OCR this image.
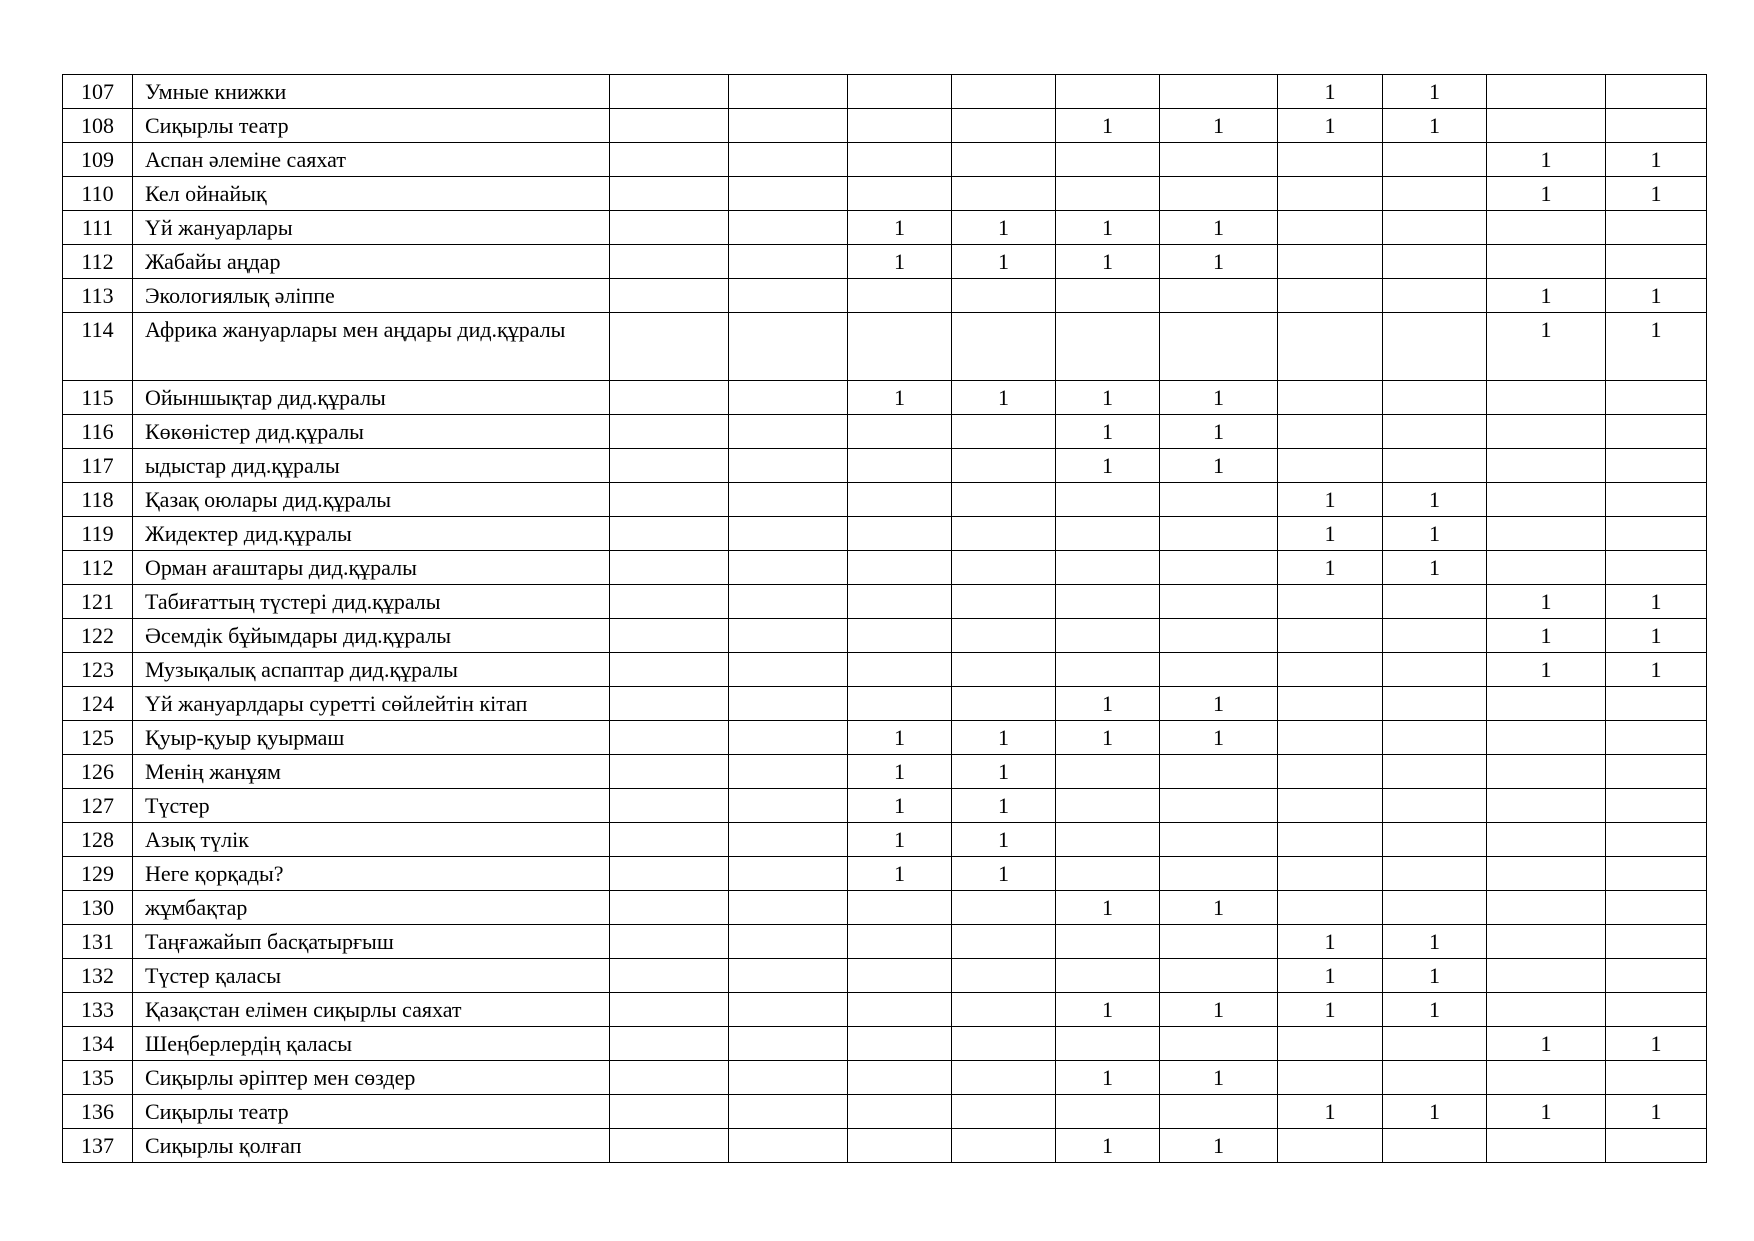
107	Умные книжки							1	1		
108	Сиқырлы театр					1	1	1	1		
109	Аспан әлеміне саяхат									1	1
110	Кел ойнайық									1	1
111	Үй жануарлары			1	1	1	1				
112	Жабайы аңдар			1	1	1	1				
113	Экологиялық әліппе									1	1
114	Африка жануарлары мен аңдары дид.құралы									1	1
115	Ойыншықтар дид.құралы			1	1	1	1				
116	Көкөністер дид.құралы					1	1				
117	ыдыстар дид.құралы					1	1				
118	Қазақ оюлары дид.құралы							1	1		
119	Жидектер дид.құралы							1	1		
112	Орман ағаштары дид.құралы							1	1		
121	Табиғаттың түстері дид.құралы									1	1
122	Әсемдік бұйымдары дид.құралы									1	1
123	Музықалық аспаптар дид.құралы									1	1
124	Үй жануарлдары суретті сөйлейтін кітап					1	1				
125	Қуыр-қуыр қуырмаш			1	1	1	1				
126	Менің жанұям			1	1						
127	Түстер			1	1						
128	Азық түлік			1	1						
129	Неге қорқады?			1	1						
130	жұмбақтар					1	1				
131	Таңғажайып басқатырғыш							1	1		
132	Түстер қаласы							1	1		
133	Қазақстан елімен сиқырлы саяхат					1	1	1	1		
134	Шеңберлердің қаласы									1	1
135	Сиқырлы әріптер мен сөздер					1	1				
136	Сиқырлы театр							1	1	1	1
137	Сиқырлы қолғап					1	1				
